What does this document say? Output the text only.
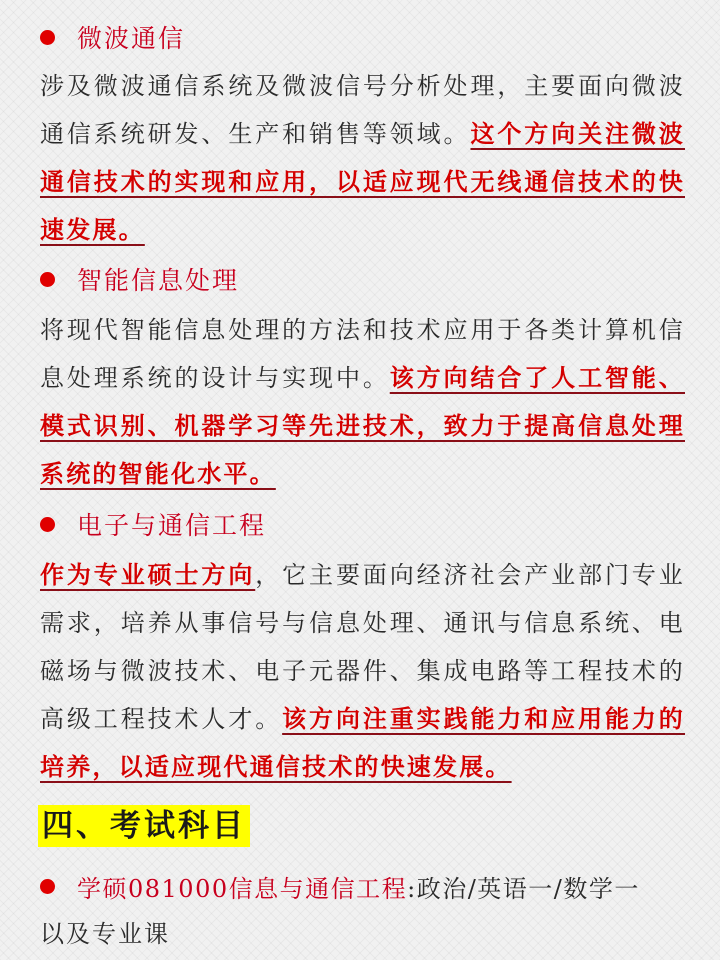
微波通信

涉及微波通信系统及微波信号分析处理，主要面向微波通信系统研发、生产和销售等领域。这个方向关注微波通信技术的实现和应用，以适应现代无线通信技术的快速发展。

智能信息处理

将现代智能信息处理的方法和技术应用于各类计算机信息处理系统的设计与实现中。该方向结合了人工智能、模式识别、机器学习等先进技术，致力于提高信息处理系统的智能化水平。

电子与通信工程

作为专业硕士方向，它主要面向经济社会产业部门专业需求，培养从事信号与信息处理、通讯与信息系统、电磁场与微波技术、电子元器件、集成电路等工程技术的高级工程技术人才。该方向注重实践能力和应用能力的培养，以适应现代通信技术的快速发展。

四、考试科目
学硕081000信息与通信工程 :政治/英语一/数学一
以及专业课
